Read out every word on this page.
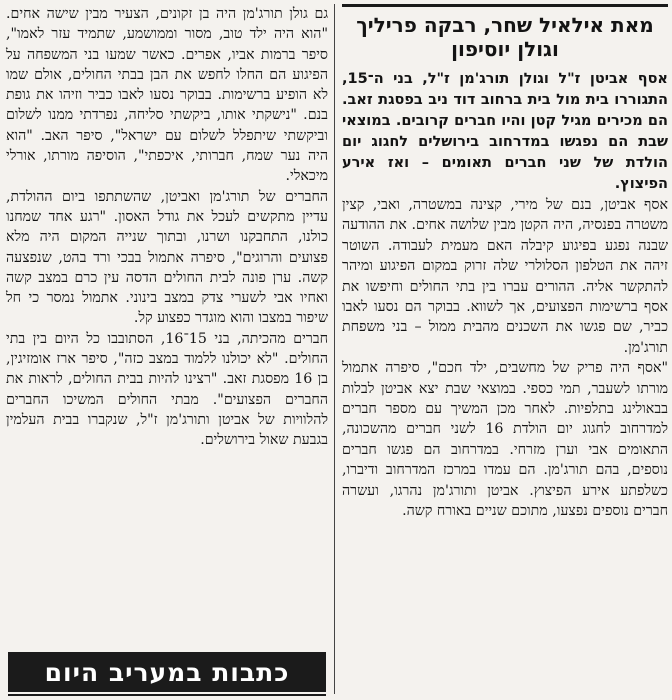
מאת אילאיל שחר, רבקה פריליך וגולן יוסיפון

אסף אביטן ז"ל וגולן תורג'מן ז"ל, בני ה־15, התגוררו בית מול בית ברחוב דוד ניב בפסגת זאב. הם מכירים מגיל קטן והיו חברים קרובים. במוצאי שבת הם נפגשו במדרחוב בירושלים לחגוג יום הולדת של שני חברים תאומים – ואז אירע הפיצוץ.

אסף אביטן, בנם של מירי, קצינה במשטרה, ואבי, קצין משטרה בפנסיה, היה הקטן מבין שלושה אחים. את ההודעה שבנה נפגע בפיגוע קיבלה האם מעמית לעבודה. השוטר זיהה את הטלפון הסלולרי שלה זרוק במקום הפיגוע ומיהר להתקשר אליה. ההורים עברו בין בתי החולים וחיפשו את אסף ברשימות הפצועים, אך לשווא. בבוקר הם נסעו לאבו כביר, שם פגשו את השכנים מהבית ממול – בני משפחת תורג'מן.

"אסף היה פריק של מחשבים, ילד חכם", סיפרה אתמול מורתו לשעבר, תמי כספי. במוצאי שבת יצא אביטן לבלות בבאולינג בתלפיות. לאחר מכן המשיך עם מספר חברים למדרחוב לחגוג יום הולדת 16 לשני חברים מהשכונה, התאומים אבי וערן מזרחי. במדרחוב הם פגשו חברים נוספים, בהם תורג'מן. הם עמדו במרכז המדרחוב ודיברו, כשלפתע אירע הפיצוץ. אביטן ותורג'מן נהרגו, ועשרה חברים נוספים נפצעו, מתוכם שניים באורח קשה.

גם גולן תורג'מן היה בן זקונים, הצעיר מבין שישה אחים. "הוא היה ילד טוב, מסור וממושמע, שתמיד עזר לאמו", סיפר ברמות אביו, אפרים. כאשר שמעו בני המשפחה על הפיגוע הם החלו לחפש את הבן בבתי החולים, אולם שמו לא הופיע ברשימות. בבוקר נסעו לאבו כביר וזיהו את גופת בנם. "נישקתי אותו, ביקשתי סליחה, נפרדתי ממנו לשלום וביקשתי שיתפלל לשלום עם ישראל", סיפר האב. "הוא היה נער שמח, חברותי, איכפתי", הוסיפה מורתו, אורלי מיכאלי.

החברים של תורג'מן ואביטן, שהשתתפו ביום ההולדת, עדיין מתקשים לעכל את גודל האסון. "רגע אחד שמחנו כולנו, התחבקנו ושרנו, ובתוך שנייה המקום היה מלא פצועים והרוגים", סיפרה אתמול בבכי ורד בהט, שנפצעה קשה. ערן פונה לבית החולים הדסה עין כרם במצב קשה ואחיו אבי לשערי צדק במצב בינוני. אתמול נמסר כי חל שיפור במצבו והוא מוגדר כפצוע קל.

חברים מהכיתה, בני 15־16, הסתובבו כל היום בין בתי החולים. "לא יכולנו ללמוד במצב כזה", סיפר ארז אומזיגין, בן 16 מפסגת זאב. "רצינו להיות בבית החולים, לראות את החברים הפצועים". מבתי החולים המשיכו החברים להלוויות של אביטן ותורג'מן ז"ל, שנקברו בבית העלמין בגבעת שאול בירושלים.

כתבות במעריב היום
